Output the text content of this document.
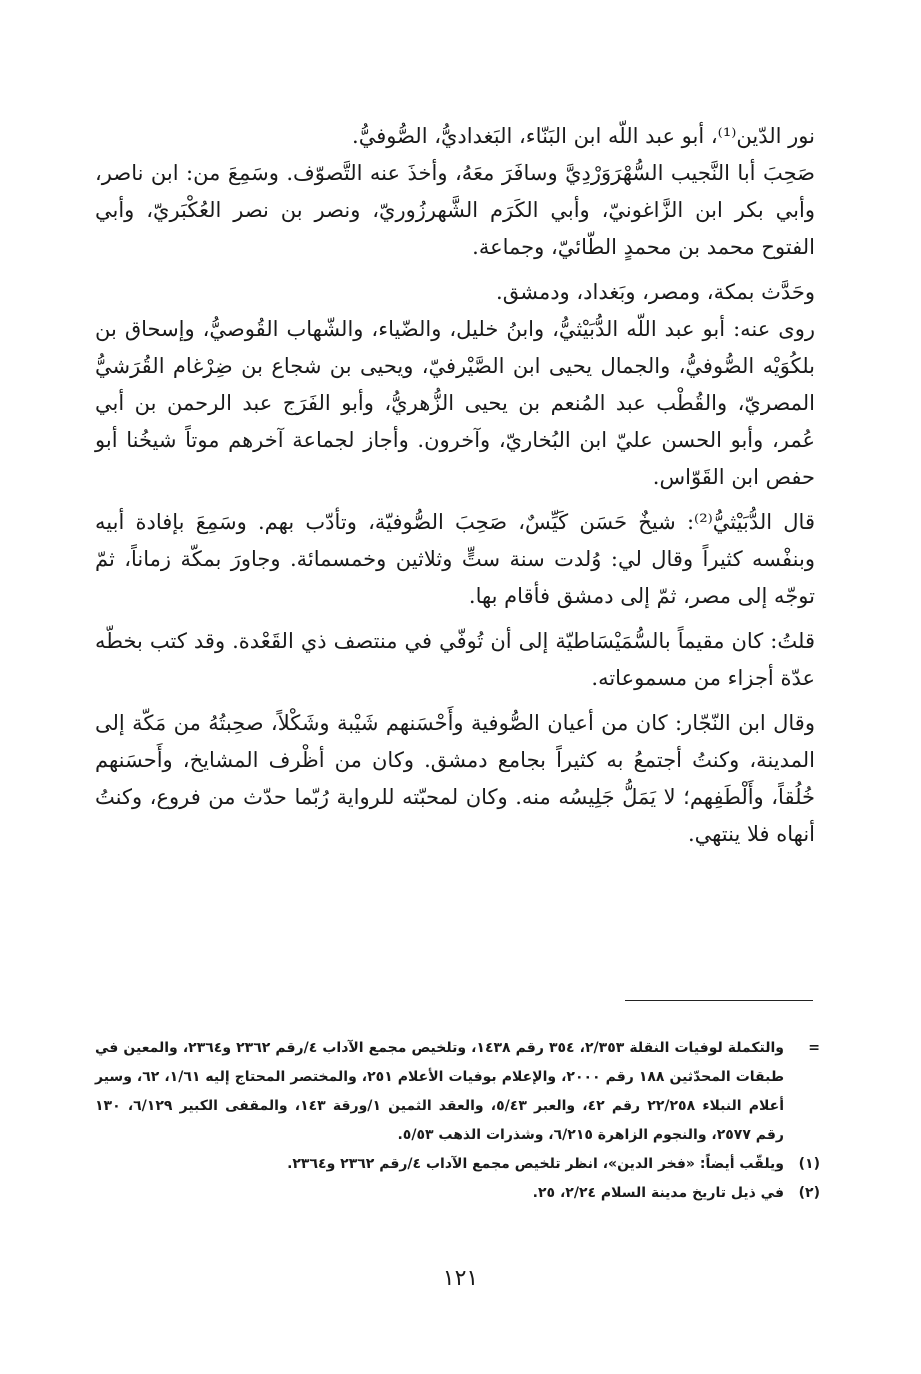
نور الدّين⁽¹⁾، أبو عبد اللّه ابن البَنّاء، البَغداديُّ، الصُّوفيُّ.

صَحِبَ أبا النَّجيب السُّهْرَوَرْدِيَّ وسافَرَ معَهُ، وأخذَ عنه التَّصوّف. وسَمِعَ من: ابن ناصر، وأبي بكر ابن الزَّاغونيّ، وأبي الكَرَم الشَّهرزُوريّ، ونصر بن نصر العُكْبَريّ، وأبي الفتوح محمد بن محمدٍ الطّائيّ، وجماعة.

وحَدَّث بمكة، ومصر، وبَغداد، ودمشق.

روى عنه: أبو عبد اللّه الدُّبَيْثيُّ، وابنُ خليل، والضّياء، والشّهاب القُوصيُّ، وإسحاق بن بلكُوَيْه الصُّوفيُّ، والجمال يحيى ابن الصَّيْرفيّ، ويحيى بن شجاع بن ضِرْغام القُرَشيُّ المصريّ، والقُطْب عبد المُنعم بن يحيى الزُّهريُّ، وأبو الفَرَج عبد الرحمن بن أبي عُمر، وأبو الحسن عليّ ابن البُخاريّ، وآخرون. وأجاز لجماعة آخرهم موتاً شيخُنا أبو حفص ابن القَوّاس.

قال الدُّبَيْثيُّ⁽²⁾: شيخٌ حَسَن كَيِّسٌ، صَحِبَ الصُّوفيّة، وتأدّب بهم. وسَمِعَ بإفادة أبيه وبنفْسه كثيراً وقال لي: وُلدت سنة ستٍّ وثلاثين وخمسمائة. وجاورَ بمكّة زماناً، ثمّ توجّه إلى مصر، ثمّ إلى دمشق فأقام بها.

قلتُ: كان مقيماً بالسُّمَيْسَاطيّة إلى أن تُوفّي في منتصف ذي القَعْدة. وقد كتب بخطّه عدّة أجزاء من مسموعاته.

وقال ابن النّجّار: كان من أعيان الصُّوفية وأَحْسَنهم شَيْبة وشَكْلاً، صحِبتُهُ من مَكّة إلى المدينة، وكنتُ أجتمعُ به كثيراً بجامع دمشق. وكان من أظْرف المشايخ، وأَحسَنهم خُلُقاً، وأَلْطَفِهم؛ لا يَمَلُّ جَلِيسُه منه. وكان لمحبّته للرواية رُبّما حدّث من فروع، وكنتُ أنهاه فلا ينتهي.

=
والتكملة لوفيات النقلة ٢/٣٥٣، ٣٥٤ رقم ١٤٣٨، وتلخيص مجمع الآداب ٤/رقم ٢٣٦٢ و٢٣٦٤، والمعين في طبقات المحدّثين ١٨٨ رقم ٢٠٠٠، والإعلام بوفيات الأعلام ٢٥١، والمختصر المحتاج إليه ١/٦١، ٦٢، وسير أعلام النبلاء ٢٢/٢٥٨ رقم ٤٢، والعبر ٥/٤٣، والعقد الثمين ١/ورقة ١٤٣، والمقفى الكبير ٦/١٢٩، ١٣٠ رقم ٢٥٧٧، والنجوم الزاهرة ٦/٢١٥، وشذرات الذهب ٥/٥٣.
(١)
ويلقّب أيضاً: «فخر الدين»، انظر تلخيص مجمع الآداب ٤/رقم ٢٣٦٢ و٢٣٦٤.
(٢)
في ذيل تاريخ مدينة السلام ٢/٢٤، ٢٥.
١٢١
